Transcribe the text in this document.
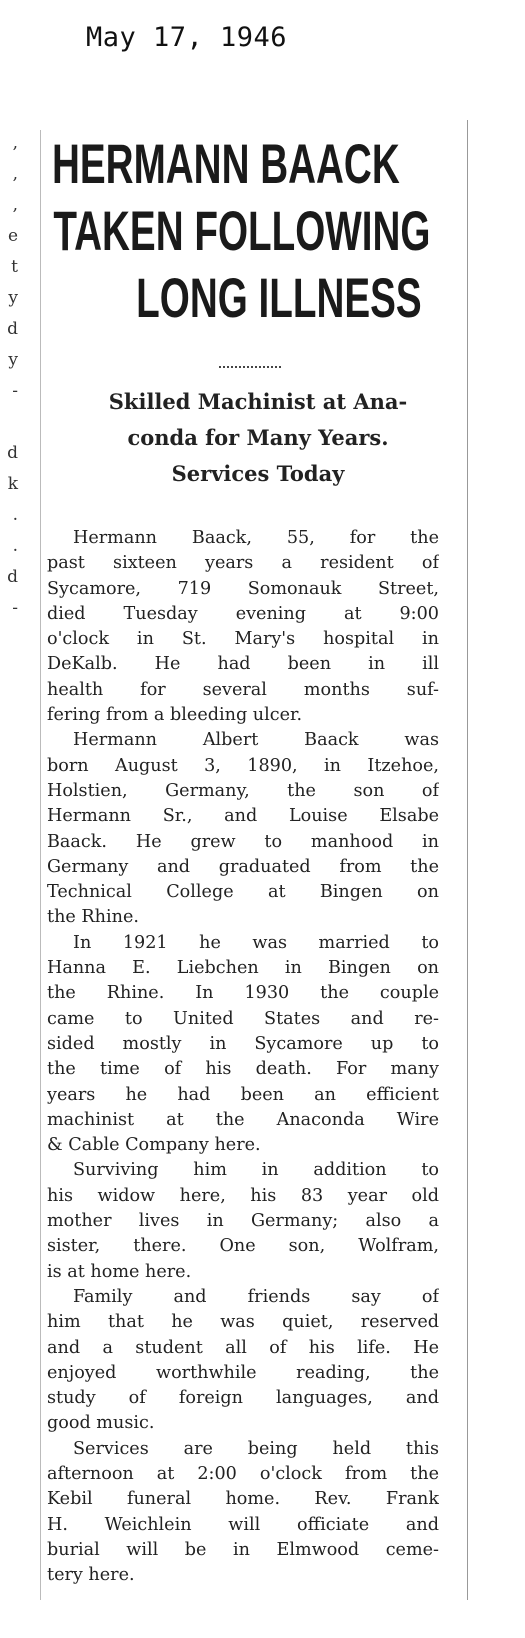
May 17, 1946
,
,
,
e
t
y
d
y
-
d
k
.
.
d
-
HERMANN BAACK
TAKEN FOLLOWING
LONG ILLNESS
Skilled Machinist at Ana-
conda for Many Years.
Services Today
Hermann Baack, 55, for the
past sixteen years a resident of
Sycamore, 719 Somonauk Street,
died Tuesday evening at 9:00
o'clock in St. Mary's hospital in
DeKalb. He had been in ill
health for several months suf-
fering from a bleeding ulcer.
Hermann Albert Baack was
born August 3, 1890, in Itzehoe,
Holstien, Germany, the son of
Hermann Sr., and Louise Elsabe
Baack. He grew to manhood in
Germany and graduated from the
Technical College at Bingen on
the Rhine.
In 1921 he was married to
Hanna E. Liebchen in Bingen on
the Rhine. In 1930 the couple
came to United States and re-
sided mostly in Sycamore up to
the time of his death. For many
years he had been an efficient
machinist at the Anaconda Wire
& Cable Company here.
Surviving him in addition to
his widow here, his 83 year old
mother lives in Germany; also a
sister, there. One son, Wolfram,
is at home here.
Family and friends say of
him that he was quiet, reserved
and a student all of his life. He
enjoyed worthwhile reading, the
study of foreign languages, and
good music.
Services are being held this
afternoon at 2:00 o'clock from the
Kebil funeral home. Rev. Frank
H. Weichlein will officiate and
burial will be in Elmwood ceme-
tery here.
